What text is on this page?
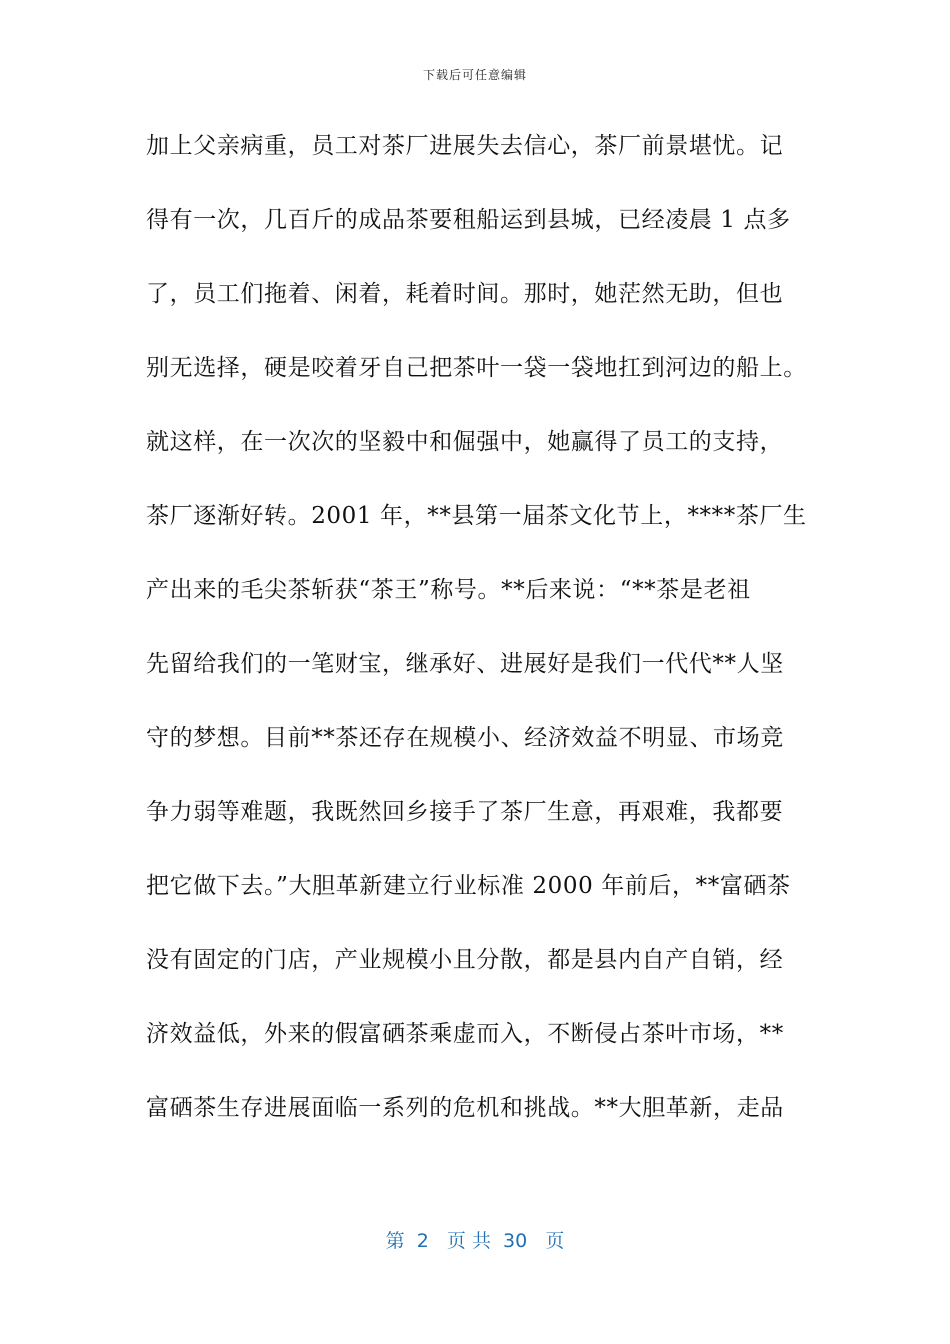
下载后可任意编辑
加上父亲病重，员工对茶厂进展失去信心，茶厂前景堪忧。记
得有一次，几百斤的成品茶要租船运到县城，已经凌晨 1 点多
了，员工们拖着、闲着，耗着时间。那时，她茫然无助，但也
别无选择，硬是咬着牙自己把茶叶一袋一袋地扛到河边的船上。
就这样，在一次次的坚毅中和倔强中，她赢得了员工的支持，
茶厂逐渐好转。2001 年，**县第一届茶文化节上，****茶厂生
产出来的毛尖茶斩获“茶王”称号。**后来说：“**茶是老祖
先留给我们的一笔财宝，继承好、进展好是我们一代代**人坚
守的梦想。目前**茶还存在规模小、经济效益不明显、市场竞
争力弱等难题，我既然回乡接手了茶厂生意，再艰难，我都要
把它做下去。”大胆革新建立行业标准 2000 年前后，**富硒茶
没有固定的门店，产业规模小且分散，都是县内自产自销，经
济效益低，外来的假富硒茶乘虚而入，不断侵占茶叶市场，**
富硒茶生存进展面临一系列的危机和挑战。**大胆革新，走品
第  2   页 共  30   页
